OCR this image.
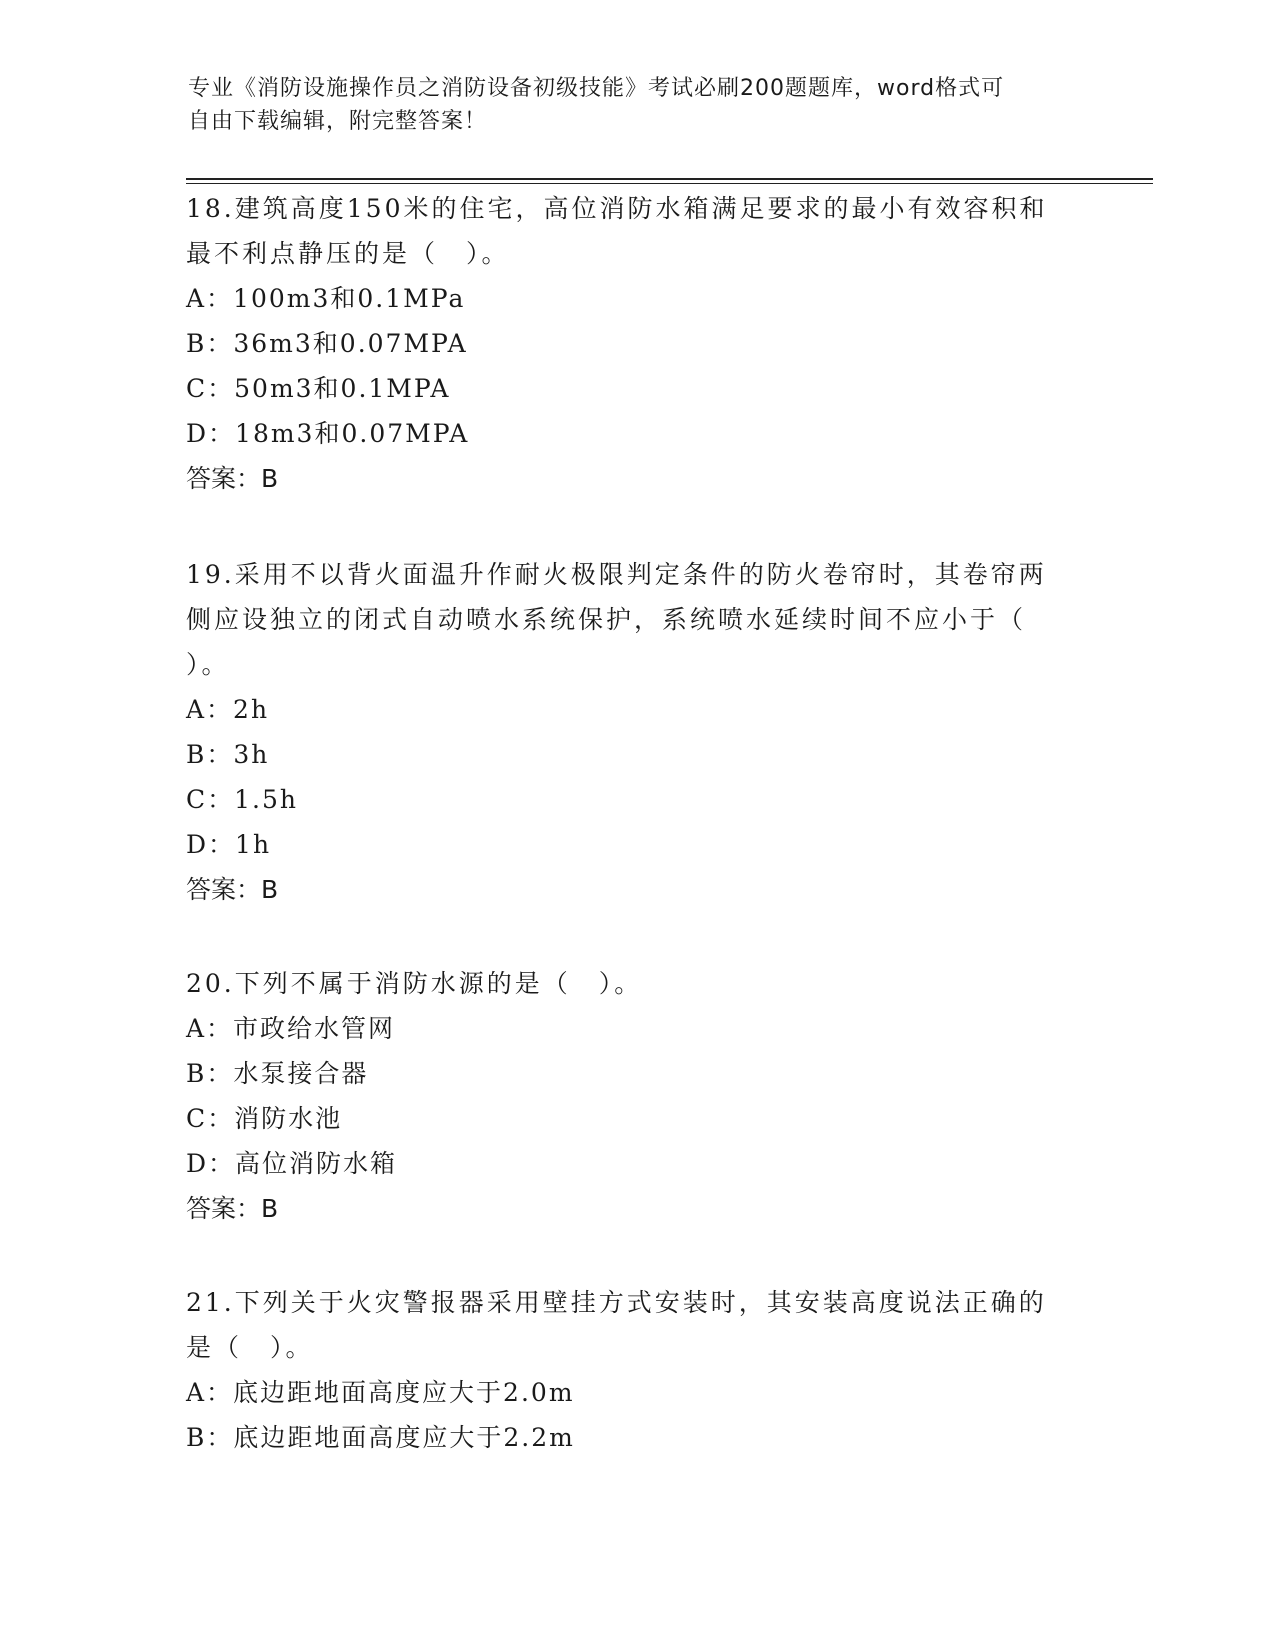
专业《消防设施操作员之消防设备初级技能》考试必刷200题题库，word格式可
自由下载编辑，附完整答案！

18.建筑高度150米的住宅，高位消防水箱满足要求的最小有效容积和

最不利点静压的是（　）。

A：100m3和0.1MPa

B：36m3和0.07MPA

C：50m3和0.1MPA

D：18m3和0.07MPA

答案：B

19.采用不以背火面温升作耐火极限判定条件的防火卷帘时，其卷帘两

侧应设独立的闭式自动喷水系统保护，系统喷水延续时间不应小于（

）。

A：2h

B：3h

C：1.5h

D：1h

答案：B

20.下列不属于消防水源的是（　）。

A：市政给水管网

B：水泵接合器

C：消防水池

D：高位消防水箱

答案：B

21.下列关于火灾警报器采用壁挂方式安装时，其安装高度说法正确的

是（　）。

A：底边距地面高度应大于2.0m

B：底边距地面高度应大于2.2m
